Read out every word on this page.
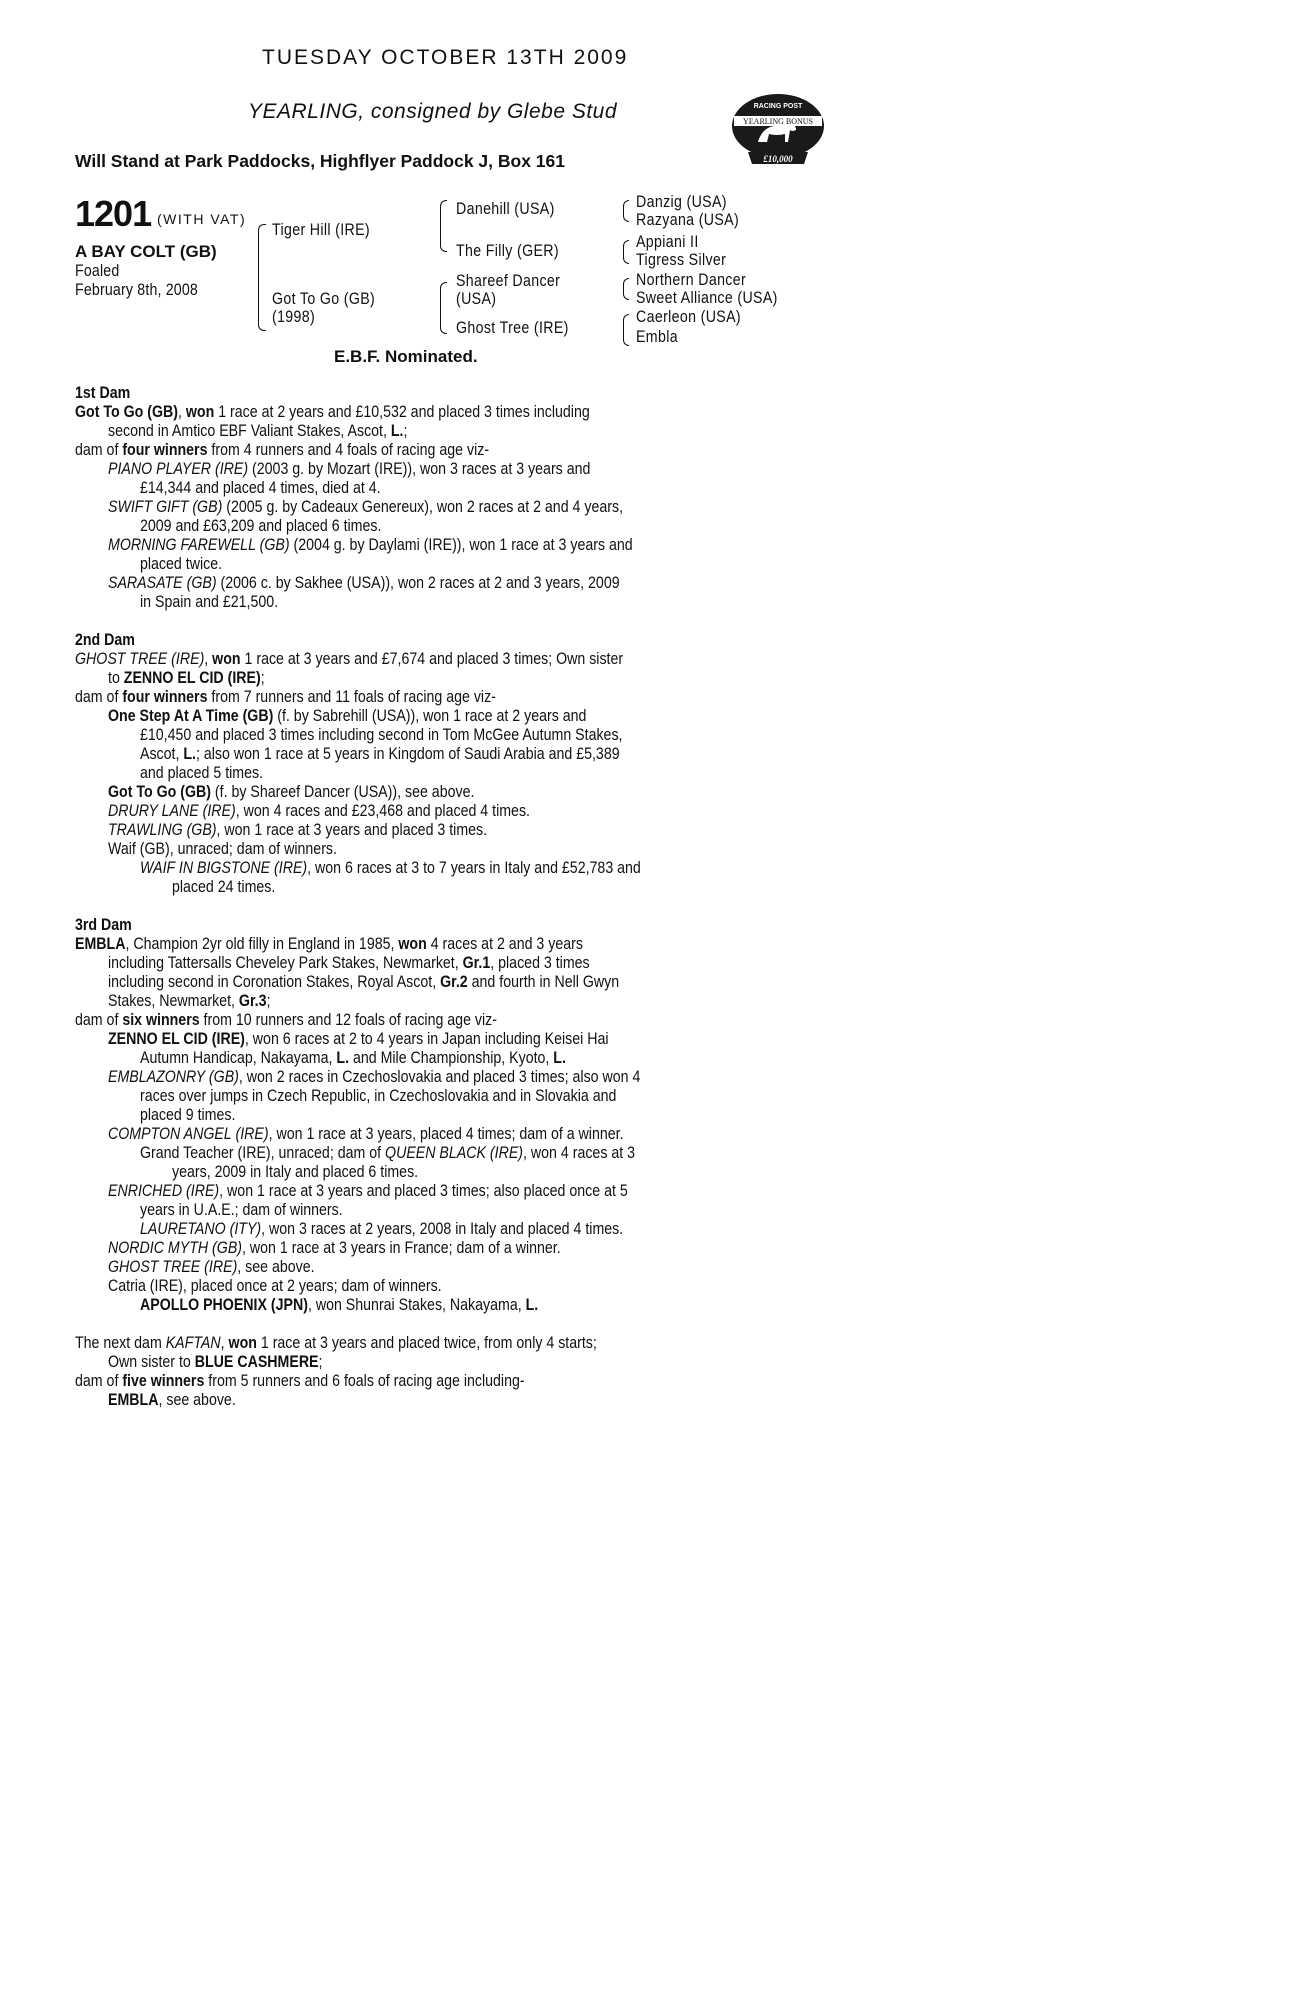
TUESDAY OCTOBER 13TH 2009
YEARLING, consigned by Glebe Stud
Will Stand at Park Paddocks, Highflyer Paddock J, Box 161
RACING POST
YEARLING BONUS
£10,000
1201 (WITH VAT)
A BAY COLT (GB)
Foaled
February 8th, 2008
Tiger Hill (IRE)
Got To Go (GB)
(1998)
Danehill (USA)
The Filly (GER)
Shareef Dancer
(USA)
Ghost Tree (IRE)
Danzig (USA)
Razyana (USA)
Appiani II
Tigress Silver
Northern Dancer
Sweet Alliance (USA)
Caerleon (USA)
Embla
E.B.F. Nominated.
1st Dam
Got To Go (GB), won 1 race at 2 years and £10,532 and placed 3 times including
second in Amtico EBF Valiant Stakes, Ascot, L.;
dam of four winners from 4 runners and 4 foals of racing age viz-
PIANO PLAYER (IRE) (2003 g. by Mozart (IRE)), won 3 races at 3 years and
£14,344 and placed 4 times, died at 4.
SWIFT GIFT (GB) (2005 g. by Cadeaux Genereux), won 2 races at 2 and 4 years,
2009 and £63,209 and placed 6 times.
MORNING FAREWELL (GB) (2004 g. by Daylami (IRE)), won 1 race at 3 years and
placed twice.
SARASATE (GB) (2006 c. by Sakhee (USA)), won 2 races at 2 and 3 years, 2009
in Spain and £21,500.
2nd Dam
GHOST TREE (IRE), won 1 race at 3 years and £7,674 and placed 3 times; Own sister
to ZENNO EL CID (IRE);
dam of four winners from 7 runners and 11 foals of racing age viz-
One Step At A Time (GB) (f. by Sabrehill (USA)), won 1 race at 2 years and
£10,450 and placed 3 times including second in Tom McGee Autumn Stakes,
Ascot, L.; also won 1 race at 5 years in Kingdom of Saudi Arabia and £5,389
and placed 5 times.
Got To Go (GB) (f. by Shareef Dancer (USA)), see above.
DRURY LANE (IRE), won 4 races and £23,468 and placed 4 times.
TRAWLING (GB), won 1 race at 3 years and placed 3 times.
Waif (GB), unraced; dam of winners.
WAIF IN BIGSTONE (IRE), won 6 races at 3 to 7 years in Italy and £52,783 and
placed 24 times.
3rd Dam
EMBLA, Champion 2yr old filly in England in 1985, won 4 races at 2 and 3 years
including Tattersalls Cheveley Park Stakes, Newmarket, Gr.1, placed 3 times
including second in Coronation Stakes, Royal Ascot, Gr.2 and fourth in Nell Gwyn
Stakes, Newmarket, Gr.3;
dam of six winners from 10 runners and 12 foals of racing age viz-
ZENNO EL CID (IRE), won 6 races at 2 to 4 years in Japan including Keisei Hai
Autumn Handicap, Nakayama, L. and Mile Championship, Kyoto, L.
EMBLAZONRY (GB), won 2 races in Czechoslovakia and placed 3 times; also won 4
races over jumps in Czech Republic, in Czechoslovakia and in Slovakia and
placed 9 times.
COMPTON ANGEL (IRE), won 1 race at 3 years, placed 4 times; dam of a winner.
Grand Teacher (IRE), unraced; dam of QUEEN BLACK (IRE), won 4 races at 3
years, 2009 in Italy and placed 6 times.
ENRICHED (IRE), won 1 race at 3 years and placed 3 times; also placed once at 5
years in U.A.E.; dam of winners.
LAURETANO (ITY), won 3 races at 2 years, 2008 in Italy and placed 4 times.
NORDIC MYTH (GB), won 1 race at 3 years in France; dam of a winner.
GHOST TREE (IRE), see above.
Catria (IRE), placed once at 2 years; dam of winners.
APOLLO PHOENIX (JPN), won Shunrai Stakes, Nakayama, L.
The next dam KAFTAN, won 1 race at 3 years and placed twice, from only 4 starts;
Own sister to BLUE CASHMERE;
dam of five winners from 5 runners and 6 foals of racing age including-
EMBLA, see above.
